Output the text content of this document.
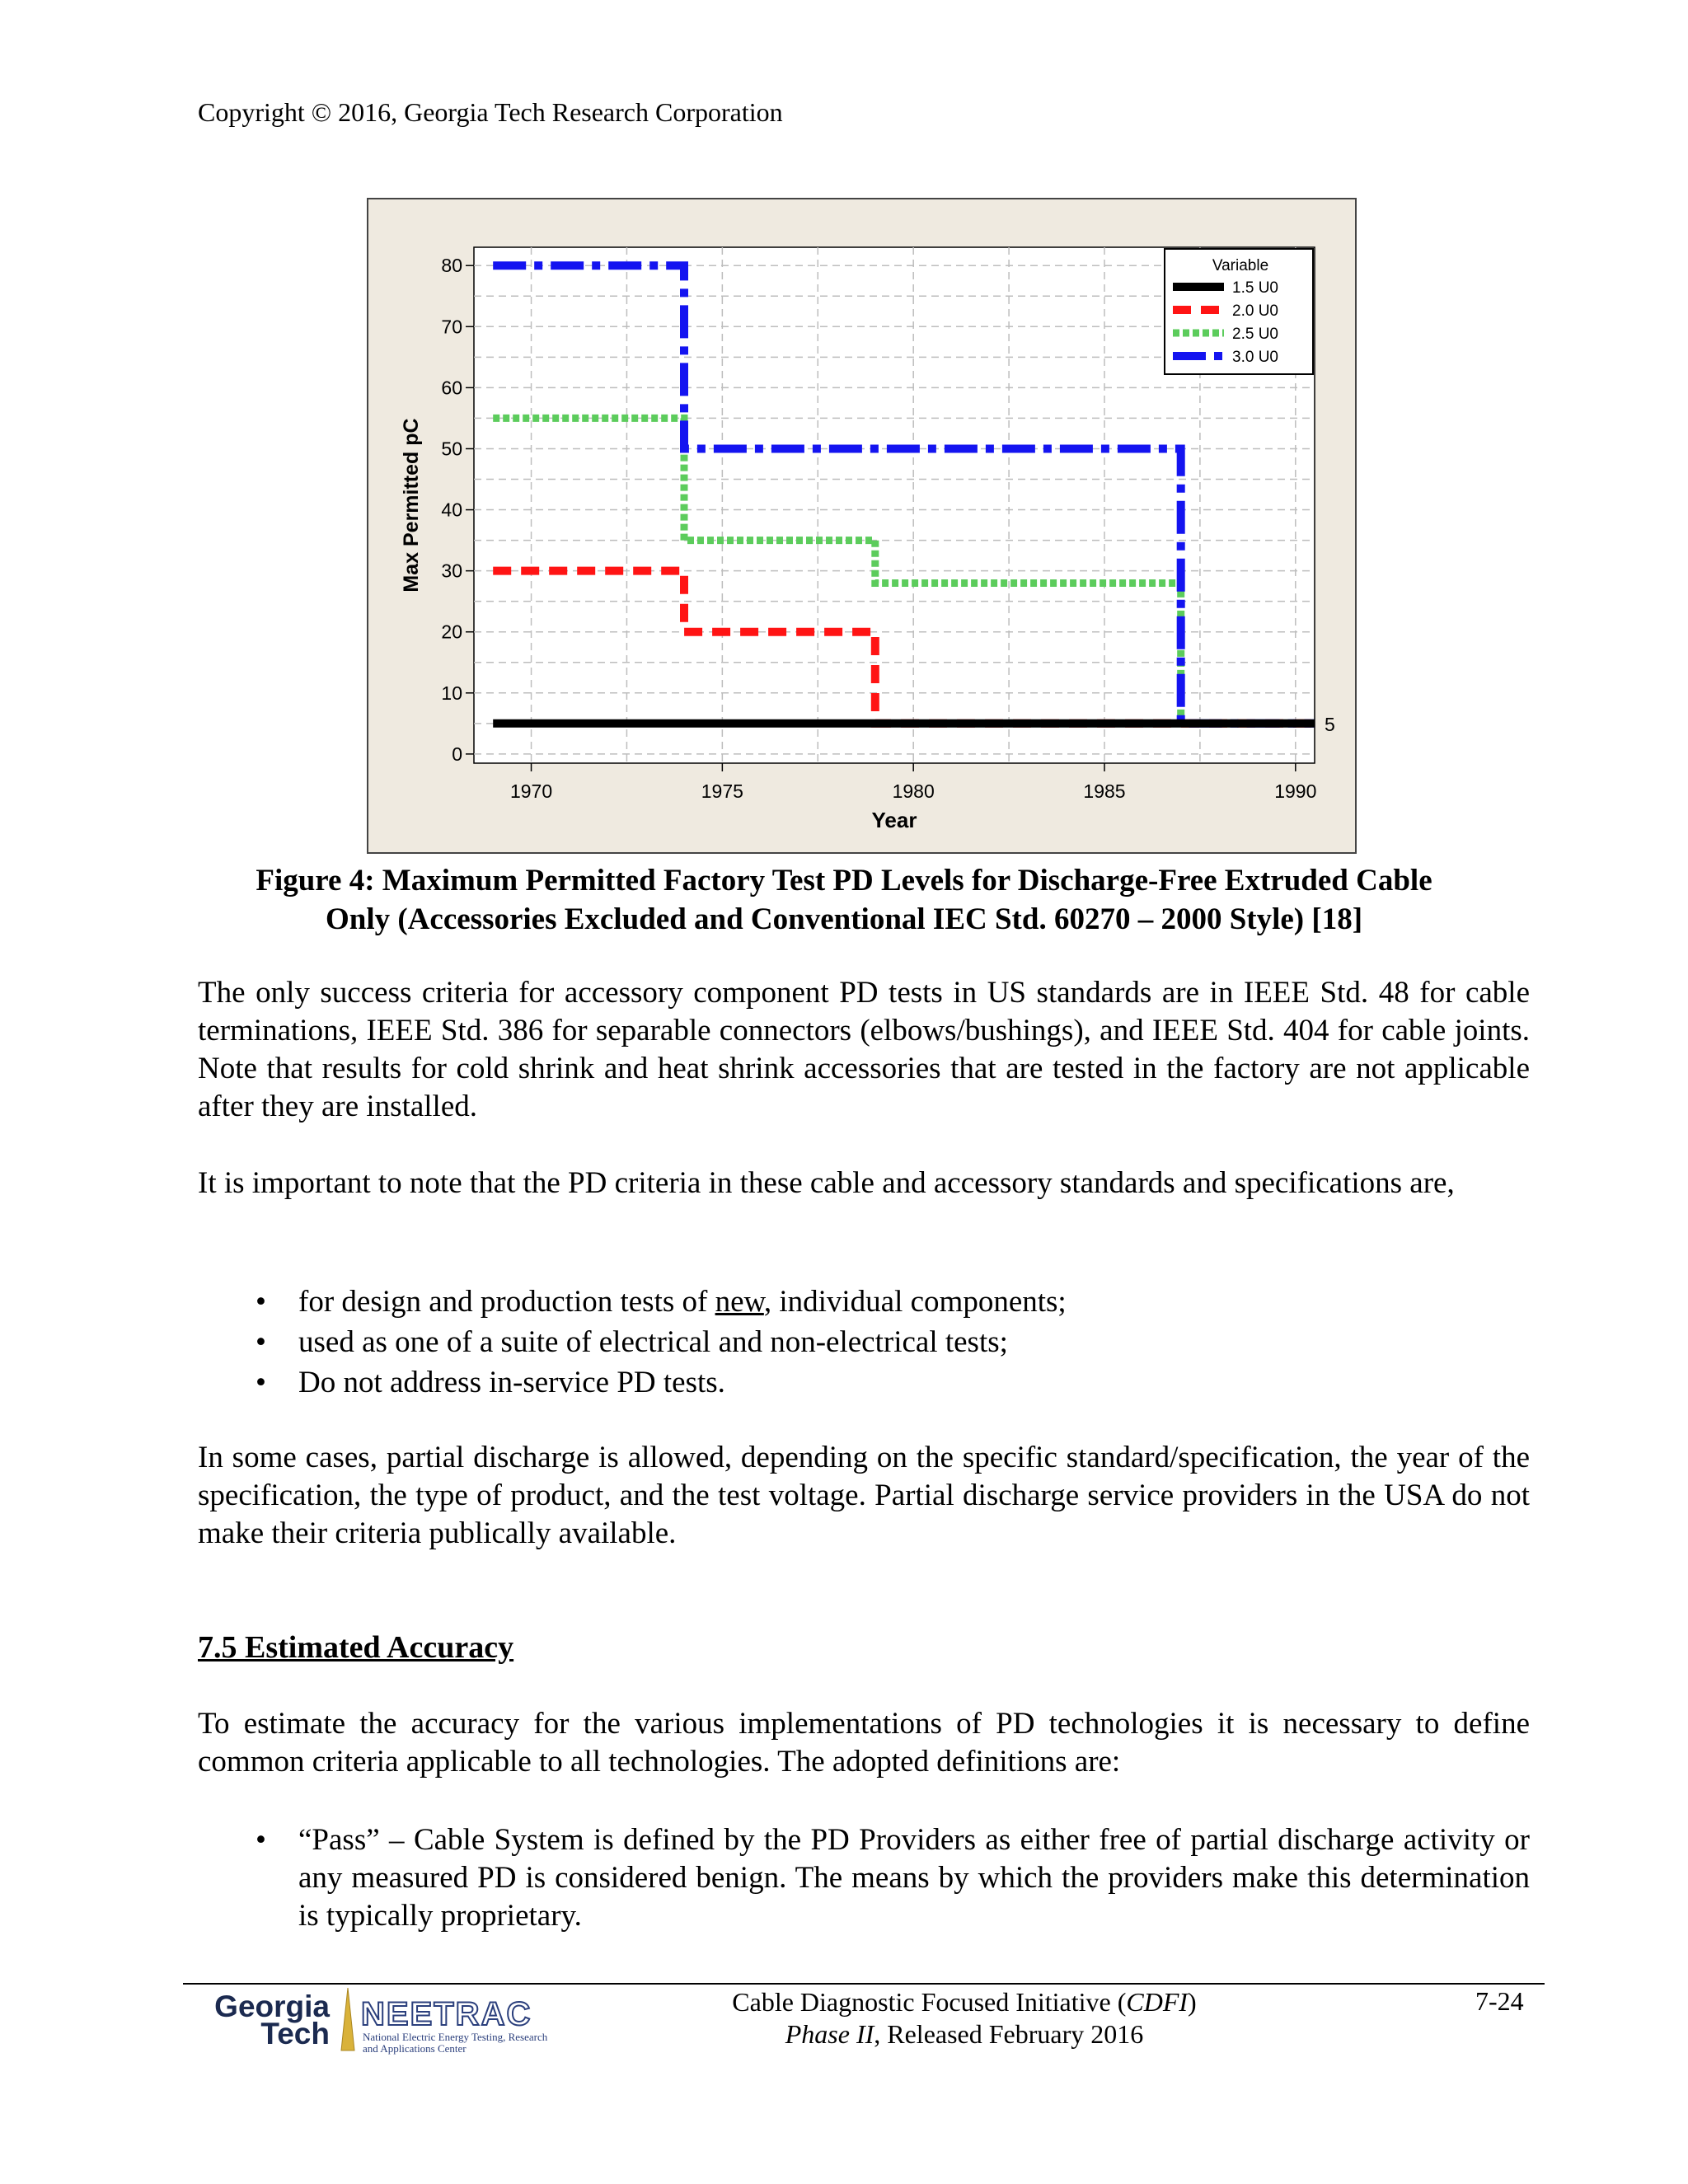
Copyright © 2016, Georgia Tech Research Corporation
0
10
20
30
40
50
60
70
80
1970	1975	1980	1985	1990
Year
Max Permitted pC
5
Variable
1.5 U0
2.0 U0
2.5 U0
3.0 U0
Figure 4: Maximum Permitted Factory Test PD Levels for Discharge-Free Extruded Cable
Only (Accessories Excluded and Conventional IEC Std. 60270 – 2000 Style) [18]

The only success criteria for accessory component PD tests in US standards are in IEEE Std. 48 for cable terminations, IEEE Std. 386 for separable connectors (elbows/bushings), and IEEE Std. 404 for cable joints. Note that results for cold shrink and heat shrink accessories that are tested in the factory are not applicable after they are installed.

It is important to note that the PD criteria in these cable and accessory standards and specifications are,

• for design and production tests of new, individual components;
• used as one of a suite of electrical and non-electrical tests;
• Do not address in-service PD tests.

In some cases, partial discharge is allowed, depending on the specific standard/specification, the year of the specification, the type of product, and the test voltage. Partial discharge service providers in the USA do not make their criteria publically available.

7.5 Estimated Accuracy

To estimate the accuracy for the various implementations of PD technologies it is necessary to define common criteria applicable to all technologies. The adopted definitions are:

• “Pass” – Cable System is defined by the PD Providers as either free of partial discharge activity or any measured PD is considered benign. The means by which the providers make this determination is typically proprietary.
Georgia
Tech
NEETRAC
National Electric Energy Testing, Research and Applications Center
Cable Diagnostic Focused Initiative (CDFI)
Phase II, Released February 2016
7-24
